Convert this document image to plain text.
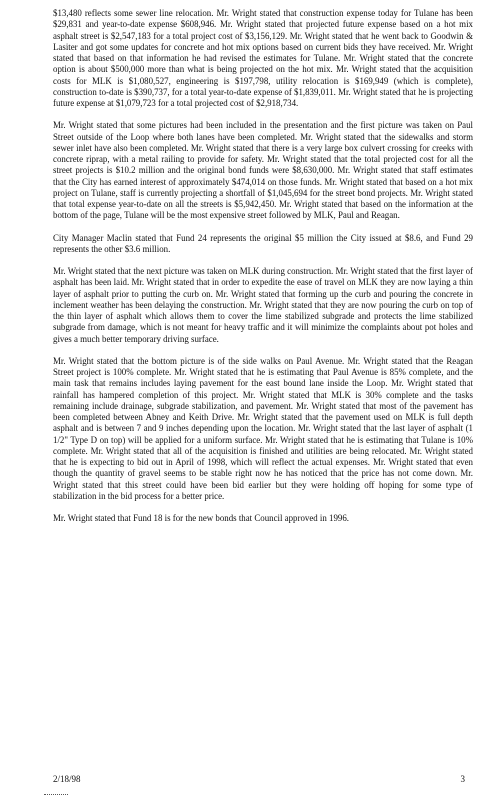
$13,480 reflects some sewer line relocation. Mr. Wright stated that construction expense today for Tulane has been $29,831 and year-to-date expense $608,946. Mr. Wright stated that projected future expense based on a hot mix asphalt street is $2,547,183 for a total project cost of $3,156,129. Mr. Wright stated that he went back to Goodwin & Lasiter and got some updates for concrete and hot mix options based on current bids they have received. Mr. Wright stated that based on that information he had revised the estimates for Tulane. Mr. Wright stated that the concrete option is about $500,000 more than what is being projected on the hot mix. Mr. Wright stated that the acquisition costs for MLK is $1,080,527, engineering is $197,798, utility relocation is $169,949 (which is complete), construction to-date is $390,737, for a total year-to-date expense of $1,839,011. Mr. Wright stated that he is projecting future expense at $1,079,723 for a total projected cost of $2,918,734.

Mr. Wright stated that some pictures had been included in the presentation and the first picture was taken on Paul Street outside of the Loop where both lanes have been completed. Mr. Wright stated that the sidewalks and storm sewer inlet have also been completed. Mr. Wright stated that there is a very large box culvert crossing for creeks with concrete riprap, with a metal railing to provide for safety. Mr. Wright stated that the total projected cost for all the street projects is $10.2 million and the original bond funds were $8,630,000. Mr. Wright stated that staff estimates that the City has earned interest of approximately $474,014 on those funds. Mr. Wright stated that based on a hot mix project on Tulane, staff is currently projecting a shortfall of $1,045,694 for the street bond projects. Mr. Wright stated that total expense year-to-date on all the streets is $5,942,450. Mr. Wright stated that based on the information at the bottom of the page, Tulane will be the most expensive street followed by MLK, Paul and Reagan.

City Manager Maclin stated that Fund 24 represents the original $5 million the City issued at $8.6, and Fund 29 represents the other $3.6 million.

Mr. Wright stated that the next picture was taken on MLK during construction. Mr. Wright stated that the first layer of asphalt has been laid. Mr. Wright stated that in order to expedite the ease of travel on MLK they are now laying a thin layer of asphalt prior to putting the curb on. Mr. Wright stated that forming up the curb and pouring the concrete in inclement weather has been delaying the construction. Mr. Wright stated that they are now pouring the curb on top of the thin layer of asphalt which allows them to cover the lime stabilized subgrade and protects the lime stabilized subgrade from damage, which is not meant for heavy traffic and it will minimize the complaints about pot holes and gives a much better temporary driving surface.

Mr. Wright stated that the bottom picture is of the side walks on Paul Avenue. Mr. Wright stated that the Reagan Street project is 100% complete. Mr. Wright stated that he is estimating that Paul Avenue is 85% complete, and the main task that remains includes laying pavement for the east bound lane inside the Loop. Mr. Wright stated that rainfall has hampered completion of this project. Mr. Wright stated that MLK is 30% complete and the tasks remaining include drainage, subgrade stabilization, and pavement. Mr. Wright stated that most of the pavement has been completed between Abney and Keith Drive. Mr. Wright stated that the pavement used on MLK is full depth asphalt and is between 7 and 9 inches depending upon the location. Mr. Wright stated that the last layer of asphalt (1 1/2" Type D on top) will be applied for a uniform surface. Mr. Wright stated that he is estimating that Tulane is 10% complete. Mr. Wright stated that all of the acquisition is finished and utilities are being relocated. Mr. Wright stated that he is expecting to bid out in April of 1998, which will reflect the actual expenses. Mr. Wright stated that even though the quantity of gravel seems to be stable right now he has noticed that the price has not come down. Mr. Wright stated that this street could have been bid earlier but they were holding off hoping for some type of stabilization in the bid process for a better price.

Mr. Wright stated that Fund 18 is for the new bonds that Council approved in 1996.

2/18/98	3
